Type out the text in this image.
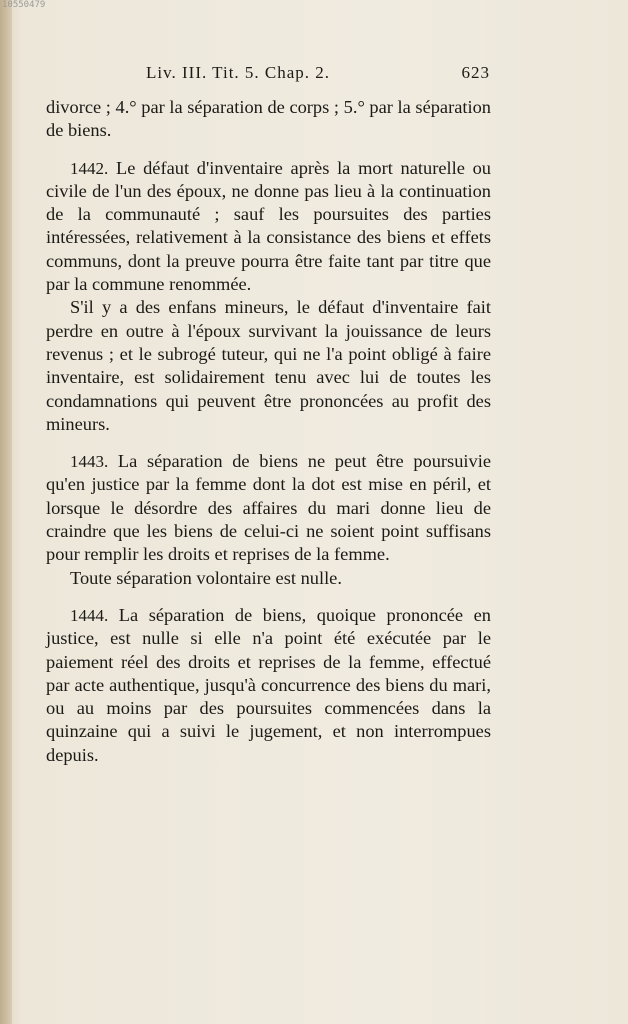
10550479
Liv. III. Tit. 5. Chap. 2.	623

divorce ; 4.° par la séparation de corps ; 5.° par la séparation de biens.

1442. Le défaut d'inventaire après la mort naturelle ou civile de l'un des époux, ne donne pas lieu à la continuation de la communauté ; sauf les poursuites des parties intéressées, relativement à la consistance des biens et effets communs, dont la preuve pourra être faite tant par titre que par la commune renommée.

S'il y a des enfans mineurs, le défaut d'inventaire fait perdre en outre à l'époux survivant la jouissance de leurs revenus ; et le subrogé tuteur, qui ne l'a point obligé à faire inventaire, est solidairement tenu avec lui de toutes les condamnations qui peuvent être prononcées au profit des mineurs.

1443. La séparation de biens ne peut être poursuivie qu'en justice par la femme dont la dot est mise en péril, et lorsque le désordre des affaires du mari donne lieu de craindre que les biens de celui-ci ne soient point suffisans pour remplir les droits et reprises de la femme.

Toute séparation volontaire est nulle.

1444. La séparation de biens, quoique prononcée en justice, est nulle si elle n'a point été exécutée par le paiement réel des droits et reprises de la femme, effectué par acte authentique, jusqu'à concurrence des biens du mari, ou au moins par des poursuites commencées dans la quinzaine qui a suivi le jugement, et non interrompues depuis.
